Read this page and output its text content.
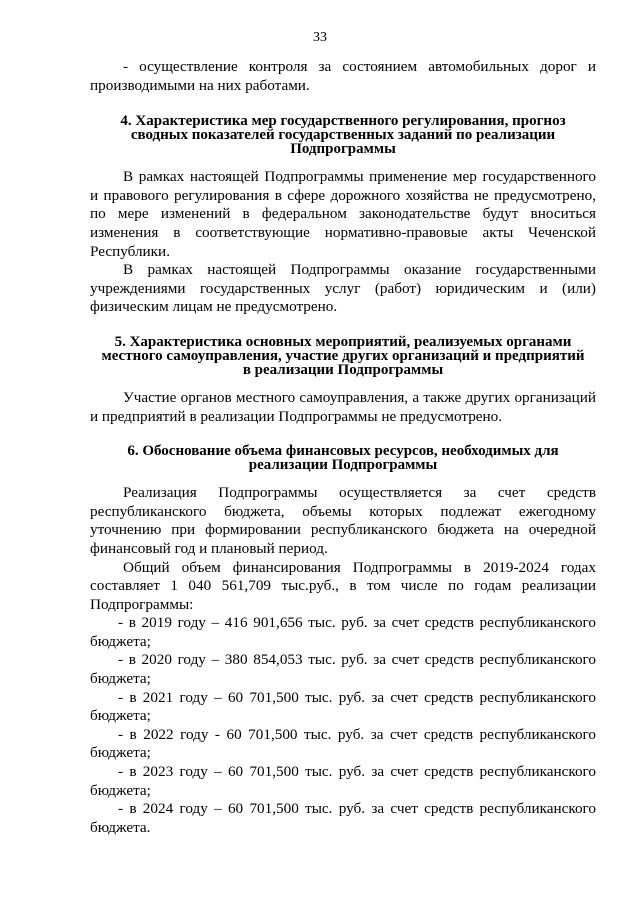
33

- осуществление контроля за состоянием автомобильных дорог и производимыми на них работами.

4. Характеристика мер государственного регулирования, прогноз
сводных показателей государственных заданий по реализации
Подпрограммы

В рамках настоящей Подпрограммы применение мер государственного и правового регулирования в сфере дорожного хозяйства не предусмотрено, по мере изменений в федеральном законодательстве будут вноситься изменения в соответствующие нормативно-правовые акты Чеченской Республики.

В рамках настоящей Подпрограммы оказание государственными учреждениями государственных услуг (работ) юридическим и (или) физическим лицам не предусмотрено.

5. Характеристика основных мероприятий, реализуемых органами
местного самоуправления, участие других организаций и предприятий
в реализации Подпрограммы

Участие органов местного самоуправления, а также других организаций и предприятий в реализации Подпрограммы не предусмотрено.

6. Обоснование объема финансовых ресурсов, необходимых для
реализации Подпрограммы

Реализация Подпрограммы осуществляется за счет средств республиканского бюджета, объемы которых подлежат ежегодному уточнению при формировании республиканского бюджета на очередной финансовый год и плановый период.

Общий объем финансирования Подпрограммы в 2019-2024 годах составляет 1 040 561,709 тыс.руб., в том числе по годам реализации Подпрограммы:

- в 2019 году – 416 901,656 тыс. руб. за счет средств республиканского бюджета;

- в 2020 году – 380 854,053 тыс. руб. за счет средств республиканского бюджета;

- в 2021 году – 60 701,500 тыс. руб. за счет средств республиканского бюджета;

- в 2022 году - 60 701,500 тыс. руб. за счет средств республиканского бюджета;

- в 2023 году – 60 701,500 тыс. руб. за счет средств республиканского бюджета;

- в 2024 году – 60 701,500 тыс. руб. за счет средств республиканского бюджета.
